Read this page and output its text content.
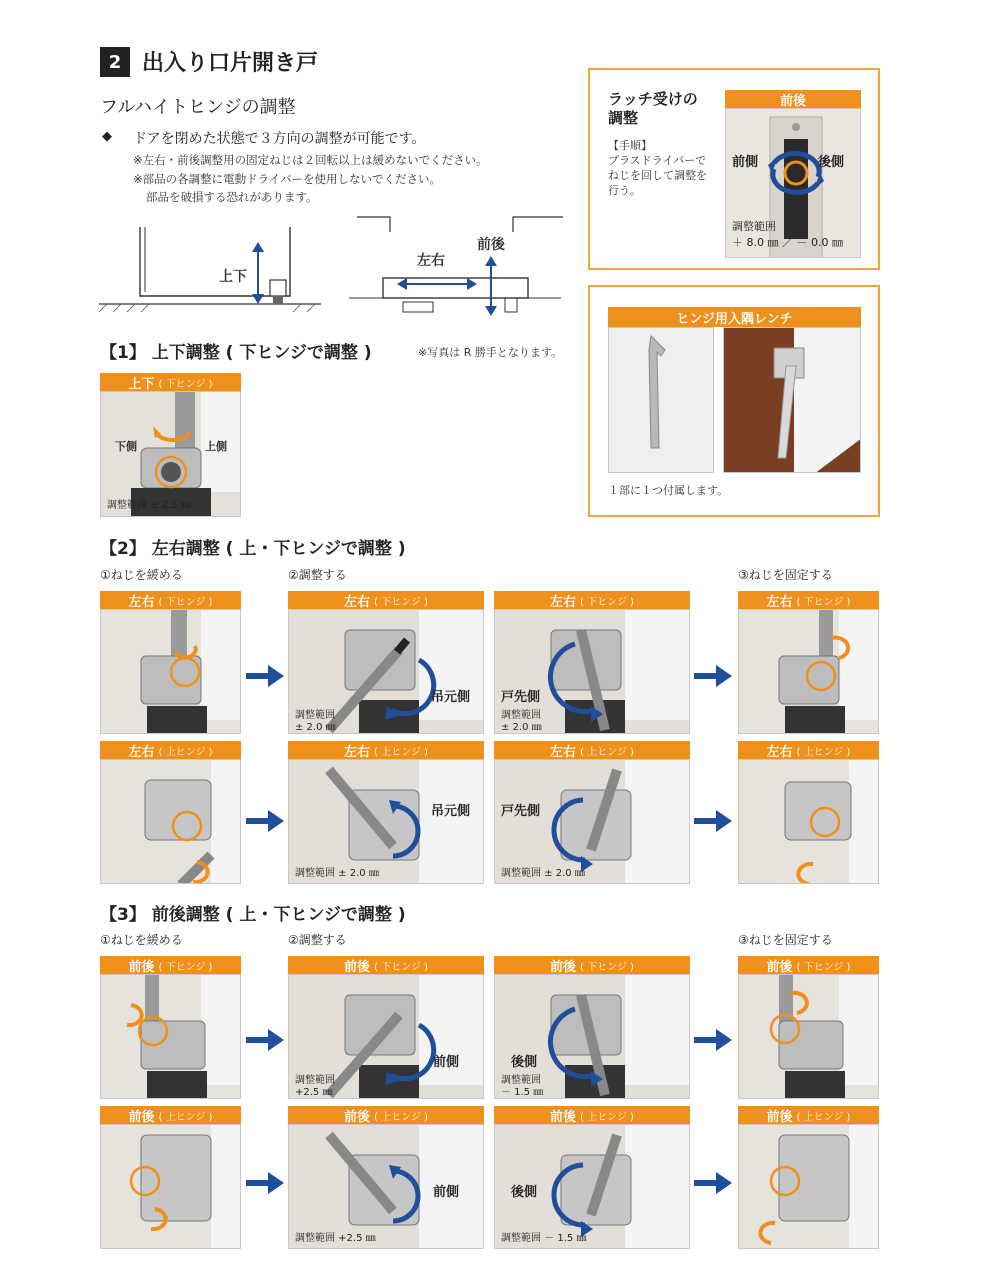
2 出入り口片開き戸
フルハイトヒンジの調整
◆ ドアを閉めた状態で３方向の調整が可能です。
※左右・前後調整用の固定ねじは２回転以上は緩めないでください。
※部品の各調整に電動ドライバーを使用しないでください。
部品を破損する恐れがあります。
上下
左右
前後
ラッチ受けの
調整
【手順】
プラスドライバーで
ねじを回して調整を
行う。
前後
前側	後側
調整範囲
＋ 8.0 ㎜ ／ － 0.0 ㎜
ヒンジ用入隅レンチ
１部に１つ付属します。
【1】 上下調整 ( 下ヒンジで調整 )	※写真は R 勝手となります。
上下 ( 下ヒンジ )
下側	上側
調整範囲 ± 2.5 ㎜
【2】 左右調整 ( 上・下ヒンジで調整 )
①ねじを緩める	②調整する	③ねじを固定する
左右 ( 下ヒンジ )	左右 ( 下ヒンジ )
吊元側
調整範囲
± 2.0 ㎜
左右 ( 下ヒンジ )
戸先側
調整範囲
± 2.0 ㎜
左右 ( 下ヒンジ )
左右 ( 上ヒンジ )	左右 ( 上ヒンジ )
吊元側
調整範囲 ± 2.0 ㎜
左右 ( 上ヒンジ )
戸先側
調整範囲 ± 2.0 ㎜
左右 ( 上ヒンジ )
【3】 前後調整 ( 上・下ヒンジで調整 )
①ねじを緩める	②調整する	③ねじを固定する
前後 ( 下ヒンジ )	前後 ( 下ヒンジ )
前側
調整範囲
+2.5 ㎜
前後 ( 下ヒンジ )
後側
調整範囲
－ 1.5 ㎜
前後 ( 下ヒンジ )
前後 ( 上ヒンジ )	前後 ( 上ヒンジ )
前側
調整範囲 +2.5 ㎜
前後 ( 上ヒンジ )
後側
調整範囲 － 1.5 ㎜
前後 ( 上ヒンジ )
